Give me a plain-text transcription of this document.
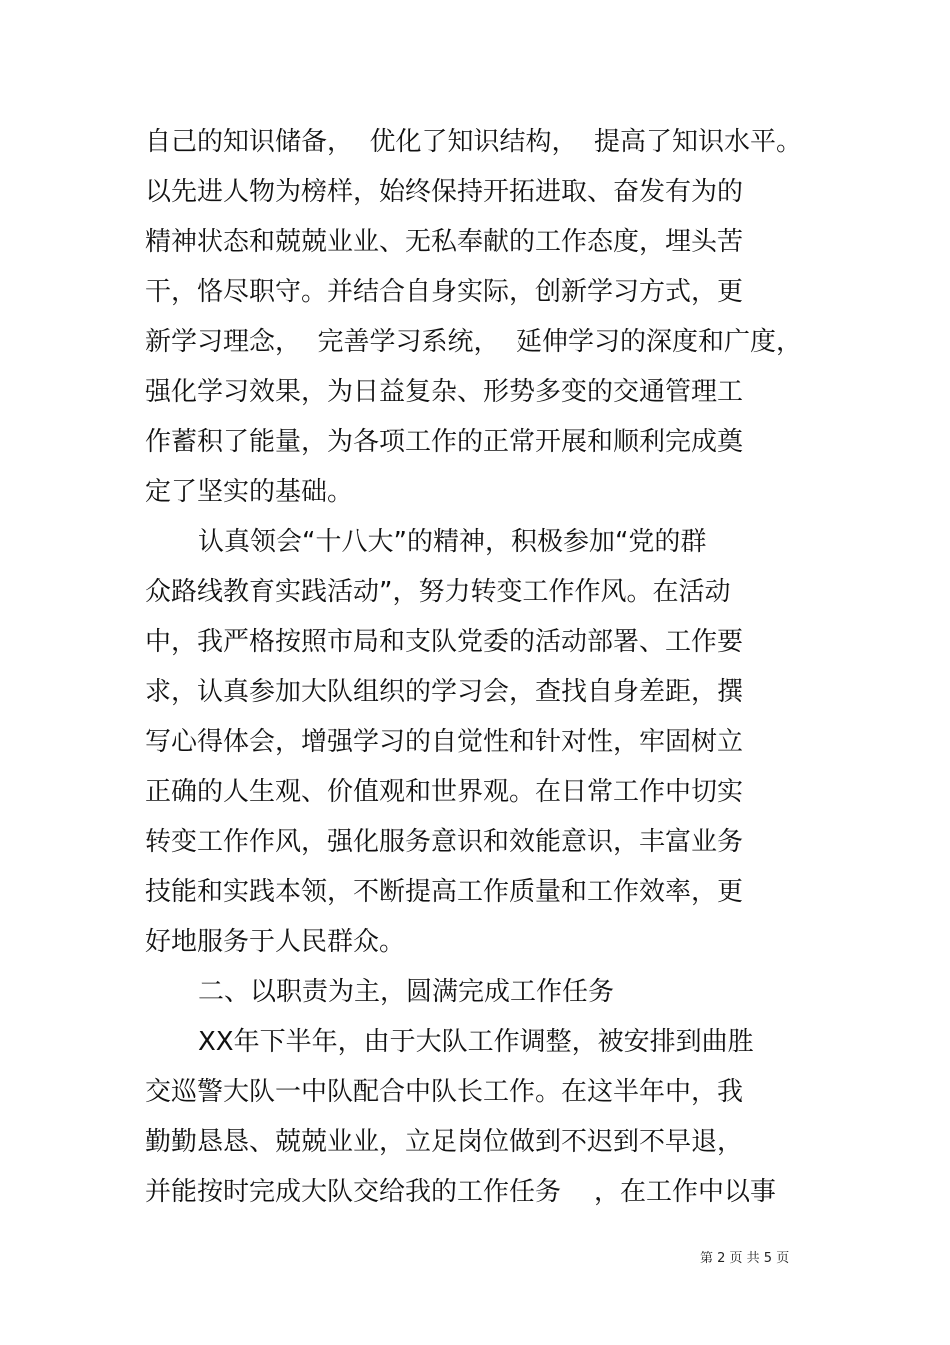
自己的知识储备，  优化了知识结构，  提高了知识水平。
以先进人物为榜样，始终保持开拓进取、奋发有为的
精神状态和兢兢业业、无私奉献的工作态度，埋头苦
干，恪尽职守。并结合自身实际，创新学习方式，更
新学习理念，  完善学习系统，  延伸学习的深度和广度，
强化学习效果，为日益复杂、形势多变的交通管理工
作蓄积了能量，为各项工作的正常开展和顺利完成奠
定了坚实的基础。
认真领会“十八大”的精神，积极参加“党的群
众路线教育实践活动”，努力转变工作作风。在活动
中，我严格按照市局和支队党委的活动部署、工作要
求，认真参加大队组织的学习会，查找自身差距，撰
写心得体会，增强学习的自觉性和针对性，牢固树立
正确的人生观、价值观和世界观。在日常工作中切实
转变工作作风，强化服务意识和效能意识，丰富业务
技能和实践本领，不断提高工作质量和工作效率，更
好地服务于人民群众。
二、以职责为主，圆满完成工作任务
XX年下半年，由于大队工作调整，被安排到曲胜
交巡警大队一中队配合中队长工作。在这半年中，我
勤勤恳恳、兢兢业业，立足岗位做到不迟到不早退，
并能按时完成大队交给我的工作任务    ，在工作中以事
第 2 页 共 5 页
